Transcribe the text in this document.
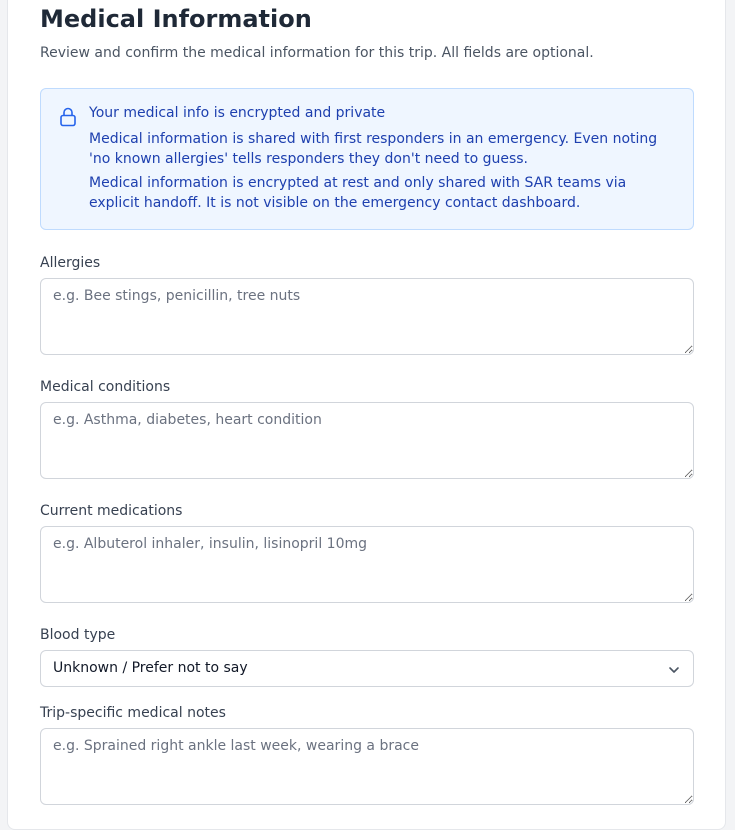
Medical Information

Review and confirm the medical information for this trip. All fields are optional.

Your medical info is encrypted and private
Medical information is shared with first responders in an emergency. Even noting 'no known allergies' tells responders they don't need to guess.
Medical information is encrypted at rest and only shared with SAR teams via explicit handoff. It is not visible on the emergency contact dashboard.
Allergies
e.g. Bee stings, penicillin, tree nuts
Medical conditions
e.g. Asthma, diabetes, heart condition
Current medications
e.g. Albuterol inhaler, insulin, lisinopril 10mg
Blood type
Unknown / Prefer not to say
Trip-specific medical notes
e.g. Sprained right ankle last week, wearing a brace
